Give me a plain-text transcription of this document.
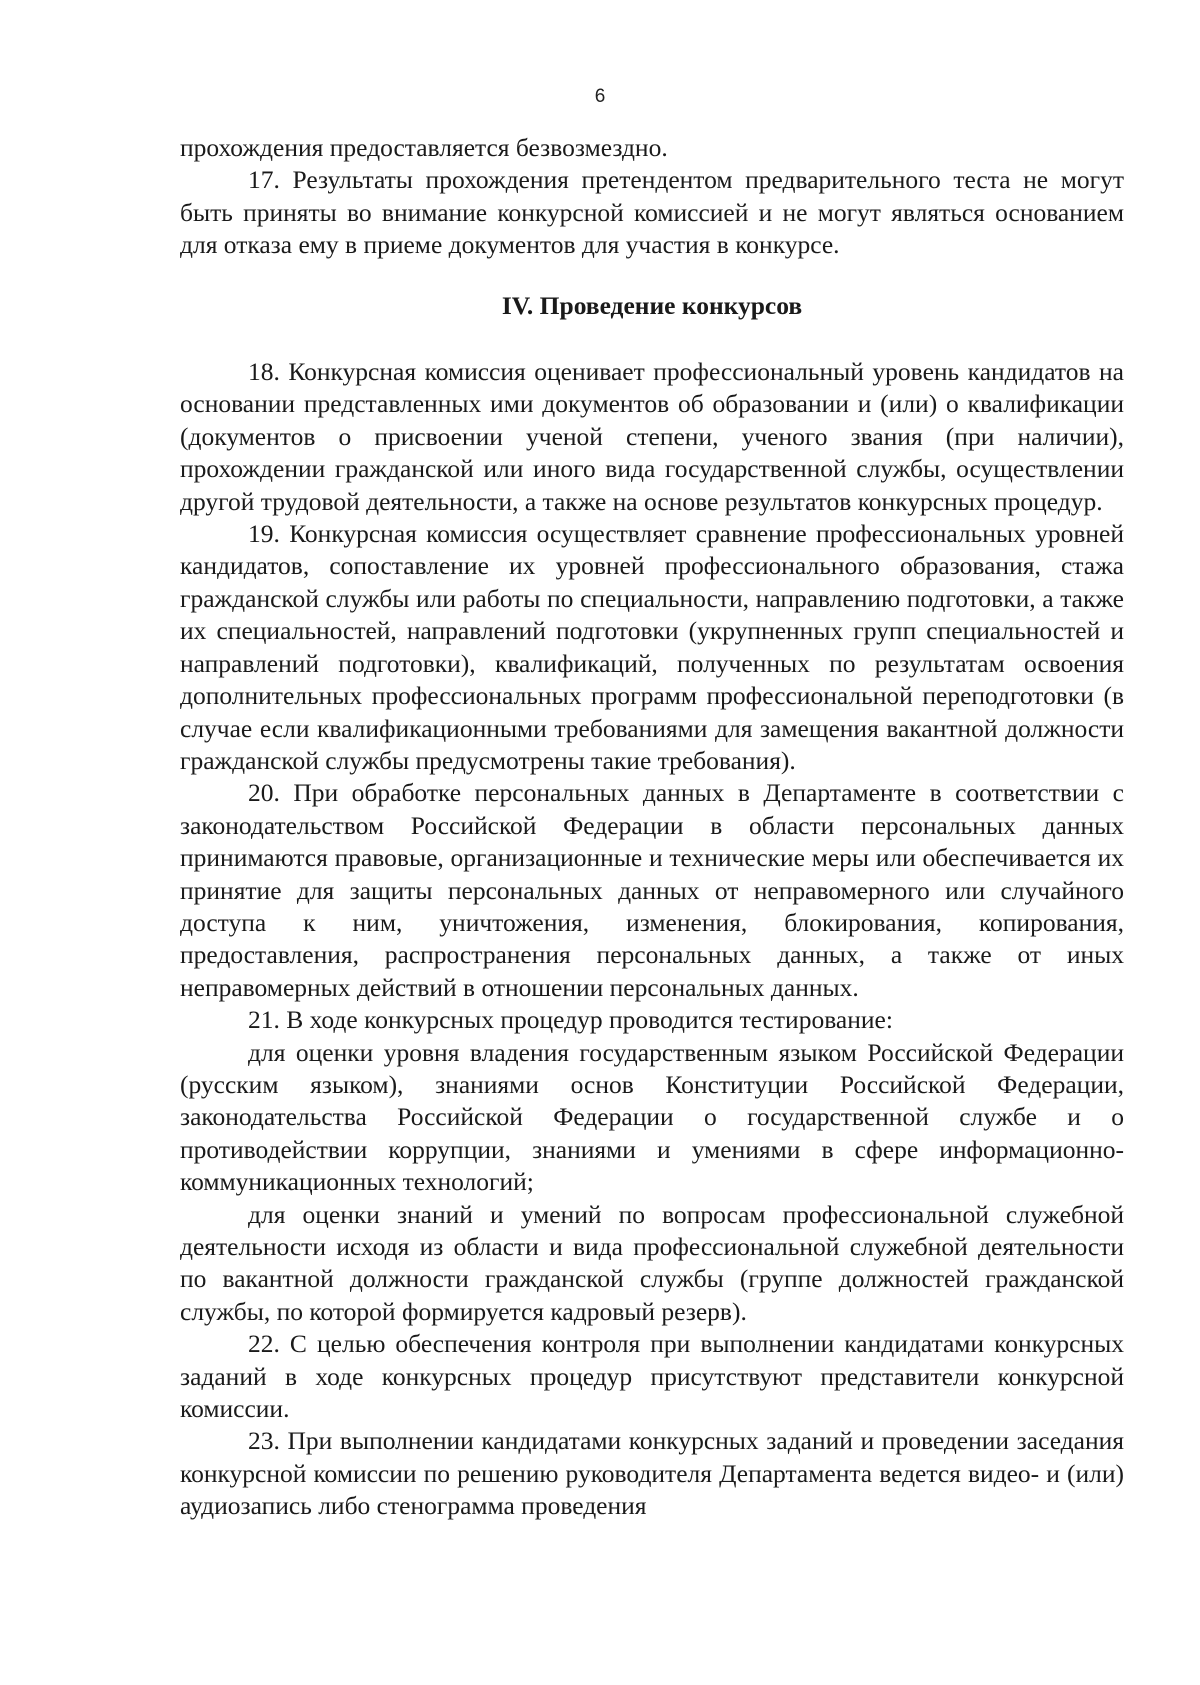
6

прохождения предоставляется безвозмездно.

17. Результаты прохождения претендентом предварительного теста не могут быть приняты во внимание конкурсной комиссией и не могут являться основанием для отказа ему в приеме документов для участия в конкурсе.

IV. Проведение конкурсов

18. Конкурсная комиссия оценивает профессиональный уровень кандидатов на основании представленных ими документов об образовании и (или) о квалификации (документов о присвоении ученой степени, ученого звания (при наличии), прохождении гражданской или иного вида государственной службы, осуществлении другой трудовой деятельности, а также на основе результатов конкурсных процедур.

19. Конкурсная комиссия осуществляет сравнение профессиональных уровней кандидатов, сопоставление их уровней профессионального образования, стажа гражданской службы или работы по специальности, направлению подготовки, а также их специальностей, направлений подготовки (укрупненных групп специальностей и направлений подготовки), квалификаций, полученных по результатам освоения дополнительных профессиональных программ профессиональной переподготовки (в случае если квалификационными требованиями для замещения вакантной должности гражданской службы предусмотрены такие требования).

20. При обработке персональных данных в Департаменте в соответствии с законодательством Российской Федерации в области персональных данных принимаются правовые, организационные и технические меры или обеспечивается их принятие для защиты персональных данных от неправомерного или случайного доступа к ним, уничтожения, изменения, блокирования, копирования, предоставления, распространения персональных данных, а также от иных неправомерных действий в отношении персональных данных.

21. В ходе конкурсных процедур проводится тестирование:

для оценки уровня владения государственным языком Российской Федерации (русским языком), знаниями основ Конституции Российской Федерации, законодательства Российской Федерации о государственной службе и о противодействии коррупции, знаниями и умениями в сфере информационно-коммуникационных технологий;

для оценки знаний и умений по вопросам профессиональной служебной деятельности исходя из области и вида профессиональной служебной деятельности по вакантной должности гражданской службы (группе должностей гражданской службы, по которой формируется кадровый резерв).

22. С целью обеспечения контроля при выполнении кандидатами конкурсных заданий в ходе конкурсных процедур присутствуют представители конкурсной комиссии.

23. При выполнении кандидатами конкурсных заданий и проведении заседания конкурсной комиссии по решению руководителя Департамента ведется видео- и (или) аудиозапись либо стенограмма проведения
